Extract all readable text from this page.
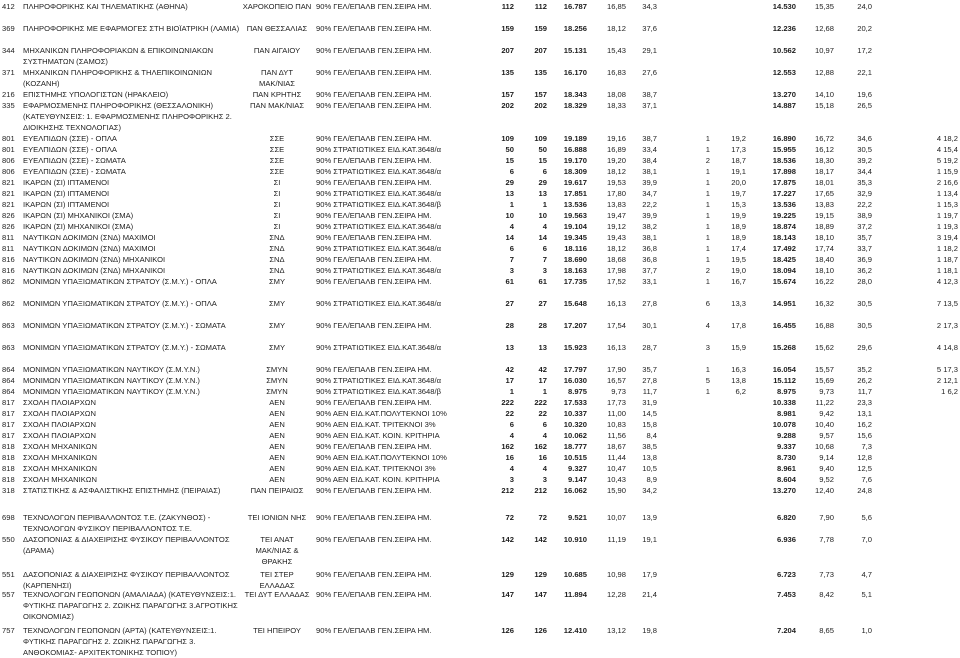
412	ΠΛΗΡΟΦΟΡΙΚΗΣ ΚΑΙ ΤΗΛΕΜΑΤΙΚΗΣ (ΑΘΗΝΑ)	ΧΑΡΟΚΟΠΕΙΟ ΠΑΝ 90% ΓΕΛ/ΕΠΑΛΒ ΓΕΝ.ΣΕΙΡΑ ΗΜ.	112	112	16.787	16,85	34,3	14.530	15,35	24,0
369	ΠΛΗΡΟΦΟΡΙΚΗΣ ΜΕ ΕΦΑΡΜΟΓΕΣ ΣΤΗ ΒΙΟΪΑΤΡΙΚΗ (ΛΑΜΙΑ)	ΠΑΝ ΘΕΣΣΑΛΙΑΣ	90% ΓΕΛ/ΕΠΑΛΒ ΓΕΝ.ΣΕΙΡΑ ΗΜ.	159	159	18.256	18,12	37,6	12.236	12,68	20,2
344	ΜΗΧΑΝΙΚΩΝ ΠΛΗΡΟΦΟΡΙΑΚΩΝ & ΕΠΙΚΟΙΝΩΝΙΑΚΩΝ	ΠΑΝ ΑΙΓΑΙΟΥ	90% ΓΕΛ/ΕΠΑΛΒ ΓΕΝ.ΣΕΙΡΑ ΗΜ.	207	207	15.131	15,43	29,1	10.562	10,97	17,2
ΣΥΣΤΗΜΑΤΩΝ (ΣΑΜΟΣ)
371	ΜΗΧΑΝΙΚΩΝ ΠΛΗΡΟΦΟΡΙΚΗΣ & ΤΗΛΕΠΙΚΟΙΝΩΝΙΩΝ	ΠΑΝ ΔΥΤ	90% ΓΕΛ/ΕΠΑΛΒ ΓΕΝ.ΣΕΙΡΑ ΗΜ.	135	135	16.170	16,83	27,6	12.553	12,88	22,1
(ΚΟΖΑΝΗ)	ΜΑΚ/ΝΙΑΣ
216	ΕΠΙΣΤΗΜΗΣ ΥΠΟΛΟΓΙΣΤΩΝ (ΗΡΑΚΛΕΙΟ)	ΠΑΝ ΚΡΗΤΗΣ	90% ΓΕΛ/ΕΠΑΛΒ ΓΕΝ.ΣΕΙΡΑ ΗΜ.	157	157	18.343	18,08	38,7	13.270	14,10	19,6
335	ΕΦΑΡΜΟΣΜΕΝΗΣ ΠΛΗΡΟΦΟΡΙΚΗΣ (ΘΕΣΣΑΛΟΝΙΚΗ)	ΠΑΝ ΜΑΚ/ΝΙΑΣ	90% ΓΕΛ/ΕΠΑΛΒ ΓΕΝ.ΣΕΙΡΑ ΗΜ.	202	202	18.329	18,33	37,1	14.887	15,18	26,5
(ΚΑΤΕΥΘΥΝΣΕΙΣ: 1. ΕΦΑΡΜΟΣΜΕΝΗΣ ΠΛΗΡΟΦΟΡΙΚΗΣ 2.
ΔΙΟΙΚΗΣΗΣ ΤΕΧΝΟΛΟΓΙΑΣ)
801	ΕΥΕΛΠΙΔΩΝ (ΣΣΕ) - ΟΠΛΑ	ΣΣΕ	90% ΓΕΛ/ΕΠΑΛΒ ΓΕΝ.ΣΕΙΡΑ ΗΜ.	109	109	19.189	19,16	38,7	1	19,2	16.890	16,72	34,6	4 18,2
801	ΕΥΕΛΠΙΔΩΝ (ΣΣΕ) - ΟΠΛΑ	ΣΣΕ	90% ΣΤΡΑΤΙΩΤΙΚΕΣ ΕΙΔ.ΚΑΤ.3648/α	50	50	16.888	16,89	33,4	1	17,3	15.955	16,12	30,5	4 15,4
806	ΕΥΕΛΠΙΔΩΝ (ΣΣΕ) - ΣΩΜΑΤΑ	ΣΣΕ	90% ΓΕΛ/ΕΠΑΛΒ ΓΕΝ.ΣΕΙΡΑ ΗΜ.	15	15	19.170	19,20	38,4	2	18,7	18.536	18,30	39,2	5 19,2
806	ΕΥΕΛΠΙΔΩΝ (ΣΣΕ) - ΣΩΜΑΤΑ	ΣΣΕ	90% ΣΤΡΑΤΙΩΤΙΚΕΣ ΕΙΔ.ΚΑΤ.3648/α	6	6	18.309	18,12	38,1	1	19,1	17.898	18,17	34,4	1 15,9
821	ΙΚΑΡΩΝ (ΣΙ) ΙΠΤΑΜΕΝΟΙ	ΣΙ	90% ΓΕΛ/ΕΠΑΛΒ ΓΕΝ.ΣΕΙΡΑ ΗΜ.	29	29	19.617	19,53	39,9	1	20,0	17.875	18,01	35,3	2 16,6
821	ΙΚΑΡΩΝ (ΣΙ) ΙΠΤΑΜΕΝΟΙ	ΣΙ	90% ΣΤΡΑΤΙΩΤΙΚΕΣ ΕΙΔ.ΚΑΤ.3648/α	13	13	17.851	17,80	34,7	1	19,7	17.227	17,65	32,9	1 13,4
821	ΙΚΑΡΩΝ (ΣΙ) ΙΠΤΑΜΕΝΟΙ	ΣΙ	90% ΣΤΡΑΤΙΩΤΙΚΕΣ ΕΙΔ.ΚΑΤ.3648/β	1	1	13.536	13,83	22,2	1	15,3	13.536	13,83	22,2	1 15,3
826	ΙΚΑΡΩΝ (ΣΙ) ΜΗΧΑΝΙΚΟΙ (ΣΜΑ)	ΣΙ	90% ΓΕΛ/ΕΠΑΛΒ ΓΕΝ.ΣΕΙΡΑ ΗΜ.	10	10	19.563	19,47	39,9	1	19,9	19.225	19,15	38,9	1 19,7
826	ΙΚΑΡΩΝ (ΣΙ) ΜΗΧΑΝΙΚΟΙ (ΣΜΑ)	ΣΙ	90% ΣΤΡΑΤΙΩΤΙΚΕΣ ΕΙΔ.ΚΑΤ.3648/α	4	4	19.104	19,12	38,2	1	18,9	18.874	18,89	37,2	1 19,3
811	ΝΑΥΤΙΚΩΝ ΔΟΚΙΜΩΝ (ΣΝΔ) ΜΑΧΙΜΟΙ	ΣΝΔ	90% ΓΕΛ/ΕΠΑΛΒ ΓΕΝ.ΣΕΙΡΑ ΗΜ.	14	14	19.345	19,43	38,1	1	18,9	18.143	18,10	35,7	3 19,4
811	ΝΑΥΤΙΚΩΝ ΔΟΚΙΜΩΝ (ΣΝΔ) ΜΑΧΙΜΟΙ	ΣΝΔ	90% ΣΤΡΑΤΙΩΤΙΚΕΣ ΕΙΔ.ΚΑΤ.3648/α	6	6	18.116	18,12	36,8	1	17,4	17.492	17,74	33,7	1 18,2
816	ΝΑΥΤΙΚΩΝ ΔΟΚΙΜΩΝ (ΣΝΔ) ΜΗΧΑΝΙΚΟΙ	ΣΝΔ	90% ΓΕΛ/ΕΠΑΛΒ ΓΕΝ.ΣΕΙΡΑ ΗΜ.	7	7	18.690	18,68	36,8	1	19,5	18.425	18,40	36,9	1 18,7
816	ΝΑΥΤΙΚΩΝ ΔΟΚΙΜΩΝ (ΣΝΔ) ΜΗΧΑΝΙΚΟΙ	ΣΝΔ	90% ΣΤΡΑΤΙΩΤΙΚΕΣ ΕΙΔ.ΚΑΤ.3648/α	3	3	18.163	17,98	37,7	2	19,0	18.094	18,10	36,2	1 18,1
862	ΜΟΝΙΜΩΝ ΥΠΑΞΙΩΜΑΤΙΚΩΝ ΣΤΡΑΤΟΥ (Σ.Μ.Υ.) - ΟΠΛΑ	ΣΜΥ	90% ΓΕΛ/ΕΠΑΛΒ ΓΕΝ.ΣΕΙΡΑ ΗΜ.	61	61	17.735	17,52	33,1	1	16,7	15.674	16,22	28,0	4 12,3
862	ΜΟΝΙΜΩΝ ΥΠΑΞΙΩΜΑΤΙΚΩΝ ΣΤΡΑΤΟΥ (Σ.Μ.Υ.) - ΟΠΛΑ	ΣΜΥ	90% ΣΤΡΑΤΙΩΤΙΚΕΣ ΕΙΔ.ΚΑΤ.3648/α	27	27	15.648	16,13	27,8	6	13,3	14.951	16,32	30,5	7 13,5
863	ΜΟΝΙΜΩΝ ΥΠΑΞΙΩΜΑΤΙΚΩΝ ΣΤΡΑΤΟΥ (Σ.Μ.Υ.) - ΣΩΜΑΤΑ	ΣΜΥ	90% ΓΕΛ/ΕΠΑΛΒ ΓΕΝ.ΣΕΙΡΑ ΗΜ.	28	28	17.207	17,54	30,1	4	17,8	16.455	16,88	30,5	2 17,3
863	ΜΟΝΙΜΩΝ ΥΠΑΞΙΩΜΑΤΙΚΩΝ ΣΤΡΑΤΟΥ (Σ.Μ.Υ.) - ΣΩΜΑΤΑ	ΣΜΥ	90% ΣΤΡΑΤΙΩΤΙΚΕΣ ΕΙΔ.ΚΑΤ.3648/α	13	13	15.923	16,13	28,7	3	15,9	15.268	15,62	29,6	4 14,8
864	ΜΟΝΙΜΩΝ ΥΠΑΞΙΩΜΑΤΙΚΩΝ ΝΑΥΤΙΚΟΥ (Σ.Μ.Υ.Ν.)	ΣΜΥΝ	90% ΓΕΛ/ΕΠΑΛΒ ΓΕΝ.ΣΕΙΡΑ ΗΜ.	42	42	17.797	17,90	35,7	1	16,3	16.054	15,57	35,2	5 17,3
864	ΜΟΝΙΜΩΝ ΥΠΑΞΙΩΜΑΤΙΚΩΝ ΝΑΥΤΙΚΟΥ (Σ.Μ.Υ.Ν.)	ΣΜΥΝ	90% ΣΤΡΑΤΙΩΤΙΚΕΣ ΕΙΔ.ΚΑΤ.3648/α	17	17	16.030	16,57	27,8	5	13,8	15.112	15,69	26,2	2 12,1
864	ΜΟΝΙΜΩΝ ΥΠΑΞΙΩΜΑΤΙΚΩΝ ΝΑΥΤΙΚΟΥ (Σ.Μ.Υ.Ν.)	ΣΜΥΝ	90% ΣΤΡΑΤΙΩΤΙΚΕΣ ΕΙΔ.ΚΑΤ.3648/β	1	1	8.975	9,73	11,7	1	6,2	8.975	9,73	11,7	1 6,2
817	ΣΧΟΛΗ ΠΛΟΙΑΡΧΩΝ	ΑΕΝ	90% ΓΕΛ/ΕΠΑΛΒ ΓΕΝ.ΣΕΙΡΑ ΗΜ.	222	222	17.533	17,73	31,9	10.338	11,22	23,3
817	ΣΧΟΛΗ ΠΛΟΙΑΡΧΩΝ	ΑΕΝ	90% ΑΕΝ ΕΙΔ.ΚΑΤ.ΠΟΛΥΤΕΚΝΟΙ 10%	22	22	10.337	11,00	14,5	8.981	9,42	13,1
817	ΣΧΟΛΗ ΠΛΟΙΑΡΧΩΝ	ΑΕΝ	90% ΑΕΝ ΕΙΔ.ΚΑΤ. ΤΡΙΤΕΚΝΟΙ 3%	6	6	10.320	10,83	15,8	10.078	10,40	16,2
817	ΣΧΟΛΗ ΠΛΟΙΑΡΧΩΝ	ΑΕΝ	90% ΑΕΝ ΕΙΔ.ΚΑΤ. ΚΟΙΝ. ΚΡΙΤΗΡΙΑ	4	4	10.062	11,56	8,4	9.288	9,57	15,6
818	ΣΧΟΛΗ ΜΗΧΑΝΙΚΩΝ	ΑΕΝ	90% ΓΕΛ/ΕΠΑΛΒ ΓΕΝ.ΣΕΙΡΑ ΗΜ.	162	162	18.777	18,67	38,5	9.337	10,68	7,3
818	ΣΧΟΛΗ ΜΗΧΑΝΙΚΩΝ	ΑΕΝ	90% ΑΕΝ ΕΙΔ.ΚΑΤ.ΠΟΛΥΤΕΚΝΟΙ 10%	16	16	10.515	11,44	13,8	8.730	9,14	12,8
818	ΣΧΟΛΗ ΜΗΧΑΝΙΚΩΝ	ΑΕΝ	90% ΑΕΝ ΕΙΔ.ΚΑΤ. ΤΡΙΤΕΚΝΟΙ 3%	4	4	9.327	10,47	10,5	8.961	9,40	12,5
818	ΣΧΟΛΗ ΜΗΧΑΝΙΚΩΝ	ΑΕΝ	90% ΑΕΝ ΕΙΔ.ΚΑΤ. ΚΟΙΝ. ΚΡΙΤΗΡΙΑ	3	3	9.147	10,43	8,9	8.604	9,52	7,6
318	ΣΤΑΤΙΣΤΙΚΗΣ & ΑΣΦΑΛΙΣΤΙΚΗΣ ΕΠΙΣΤΗΜΗΣ (ΠΕΙΡΑΙΑΣ)	ΠΑΝ ΠΕΙΡΑΙΩΣ	90% ΓΕΛ/ΕΠΑΛΒ ΓΕΝ.ΣΕΙΡΑ ΗΜ.	212	212	16.062	15,90	34,2	13.270	12,40	24,8
698	ΤΕΧΝΟΛΟΓΩΝ ΠΕΡΙΒΑΛΛΟΝΤΟΣ Τ.Ε. (ΖΑΚΥΝΘΟΣ) -	ΤΕΙ ΙΟΝΙΩΝ ΝΗΣ	90% ΓΕΛ/ΕΠΑΛΒ ΓΕΝ.ΣΕΙΡΑ ΗΜ.	72	72	9.521	10,07	13,9	6.820	7,90	5,6
ΤΕΧΝΟΛΟΓΩΝ ΦΥΣΙΚΟΥ ΠΕΡΙΒΑΛΛΟΝΤΟΣ Τ.Ε.
550	ΔΑΣΟΠΟΝΙΑΣ & ΔΙΑΧΕΙΡΙΣΗΣ ΦΥΣΙΚΟΥ ΠΕΡΙΒΑΛΛΟΝΤΟΣ	ΤΕΙ ΑΝΑΤ	90% ΓΕΛ/ΕΠΑΛΒ ΓΕΝ.ΣΕΙΡΑ ΗΜ.	142	142	10.910	11,19	19,1	6.936	7,78	7,0
(ΔΡΑΜΑ)	ΜΑΚ/ΝΙΑΣ &
ΘΡΑΚΗΣ
551	ΔΑΣΟΠΟΝΙΑΣ & ΔΙΑΧΕΙΡΙΣΗΣ ΦΥΣΙΚΟΥ ΠΕΡΙΒΑΛΛΟΝΤΟΣ	ΤΕΙ ΣΤΕΡ	90% ΓΕΛ/ΕΠΑΛΒ ΓΕΝ.ΣΕΙΡΑ ΗΜ.	129	129	10.685	10,98	17,9	6.723	7,73	4,7
(ΚΑΡΠΕΝΗΣΙ)	ΕΛΛΑΔΑΣ
557	ΤΕΧΝΟΛΟΓΩΝ ΓΕΩΠΟΝΩΝ (ΑΜΑΛΙΑΔΑ) (ΚΑΤΕΥΘΥΝΣΕΙΣ:1.	ΤΕΙ ΔΥΤ ΕΛΛΑΔΑΣ 90% ΓΕΛ/ΕΠΑΛΒ ΓΕΝ.ΣΕΙΡΑ ΗΜ.	147	147	11.894	12,28	21,4	7.453	8,42	5,1
ΦΥΤΙΚΗΣ ΠΑΡΑΓΩΓΗΣ 2. ΖΩΙΚΗΣ ΠΑΡΑΓΩΓΗΣ 3.ΑΓΡΟΤΙΚΗΣ
ΟΙΚΟΝΟΜΙΑΣ)
757	ΤΕΧΝΟΛΟΓΩΝ ΓΕΩΠΟΝΩΝ (ΑΡΤΑ) (ΚΑΤΕΥΘΥΝΣΕΙΣ:1.	ΤΕΙ ΗΠΕΙΡΟΥ	90% ΓΕΛ/ΕΠΑΛΒ ΓΕΝ.ΣΕΙΡΑ ΗΜ.	126	126	12.410	13,12	19,8	7.204	8,65	1,0
ΦΥΤΙΚΗΣ ΠΑΡΑΓΩΓΗΣ 2. ΖΩΙΚΗΣ ΠΑΡΑΓΩΓΗΣ 3.
ΑΝΘΟΚΟΜΙΑΣ- ΑΡΧΙΤΕΚΤΟΝΙΚΗΣ ΤΟΠΙΟΥ)
